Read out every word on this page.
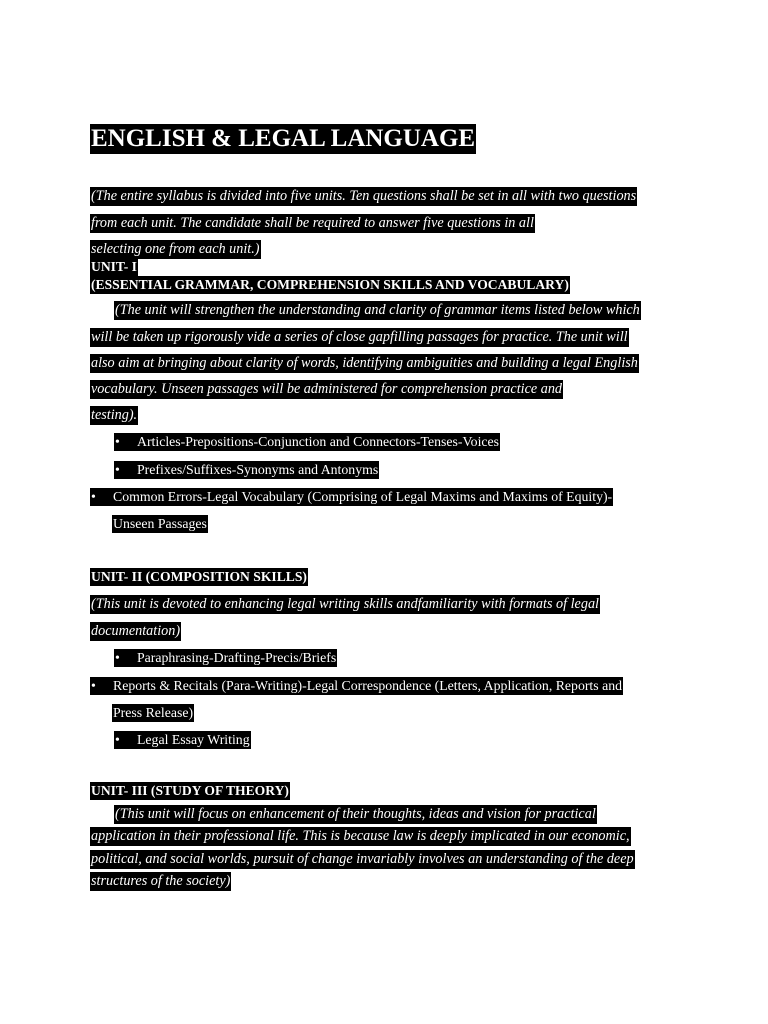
ENGLISH & LEGAL LANGUAGE
(The entire syllabus is divided into five units. Ten questions shall be set in all with two questions
from each unit. The candidate shall be required to answer five questions in all
selecting one from each unit.)
UNIT- I
(ESSENTIAL GRAMMAR, COMPREHENSION SKILLS AND VOCABULARY)
(The unit will strengthen the understanding and clarity of grammar items listed below which
will be taken up rigorously vide a series of close gapfilling passages for practice. The unit will
also aim at bringing about clarity of words, identifying ambiguities and building a legal English
vocabulary. Unseen passages will be administered for comprehension practice and
testing).
• Articles-Prepositions-Conjunction and Connectors-Tenses-Voices
• Prefixes/Suffixes-Synonyms and Antonyms
• Common Errors-Legal Vocabulary (Comprising of Legal Maxims and Maxims of Equity)-
Unseen Passages
UNIT- II (COMPOSITION SKILLS)
(This unit is devoted to enhancing legal writing skills andfamiliarity with formats of legal
documentation)
• Paraphrasing-Drafting-Precis/Briefs
• Reports & Recitals (Para-Writing)-Legal Correspondence (Letters, Application, Reports and
Press Release)
• Legal Essay Writing
UNIT- III (STUDY OF THEORY)
(This unit will focus on enhancement of their thoughts, ideas and vision for practical
application in their professional life. This is because law is deeply implicated in our economic,
political, and social worlds, pursuit of change invariably involves an understanding of the deep
structures of the society)
